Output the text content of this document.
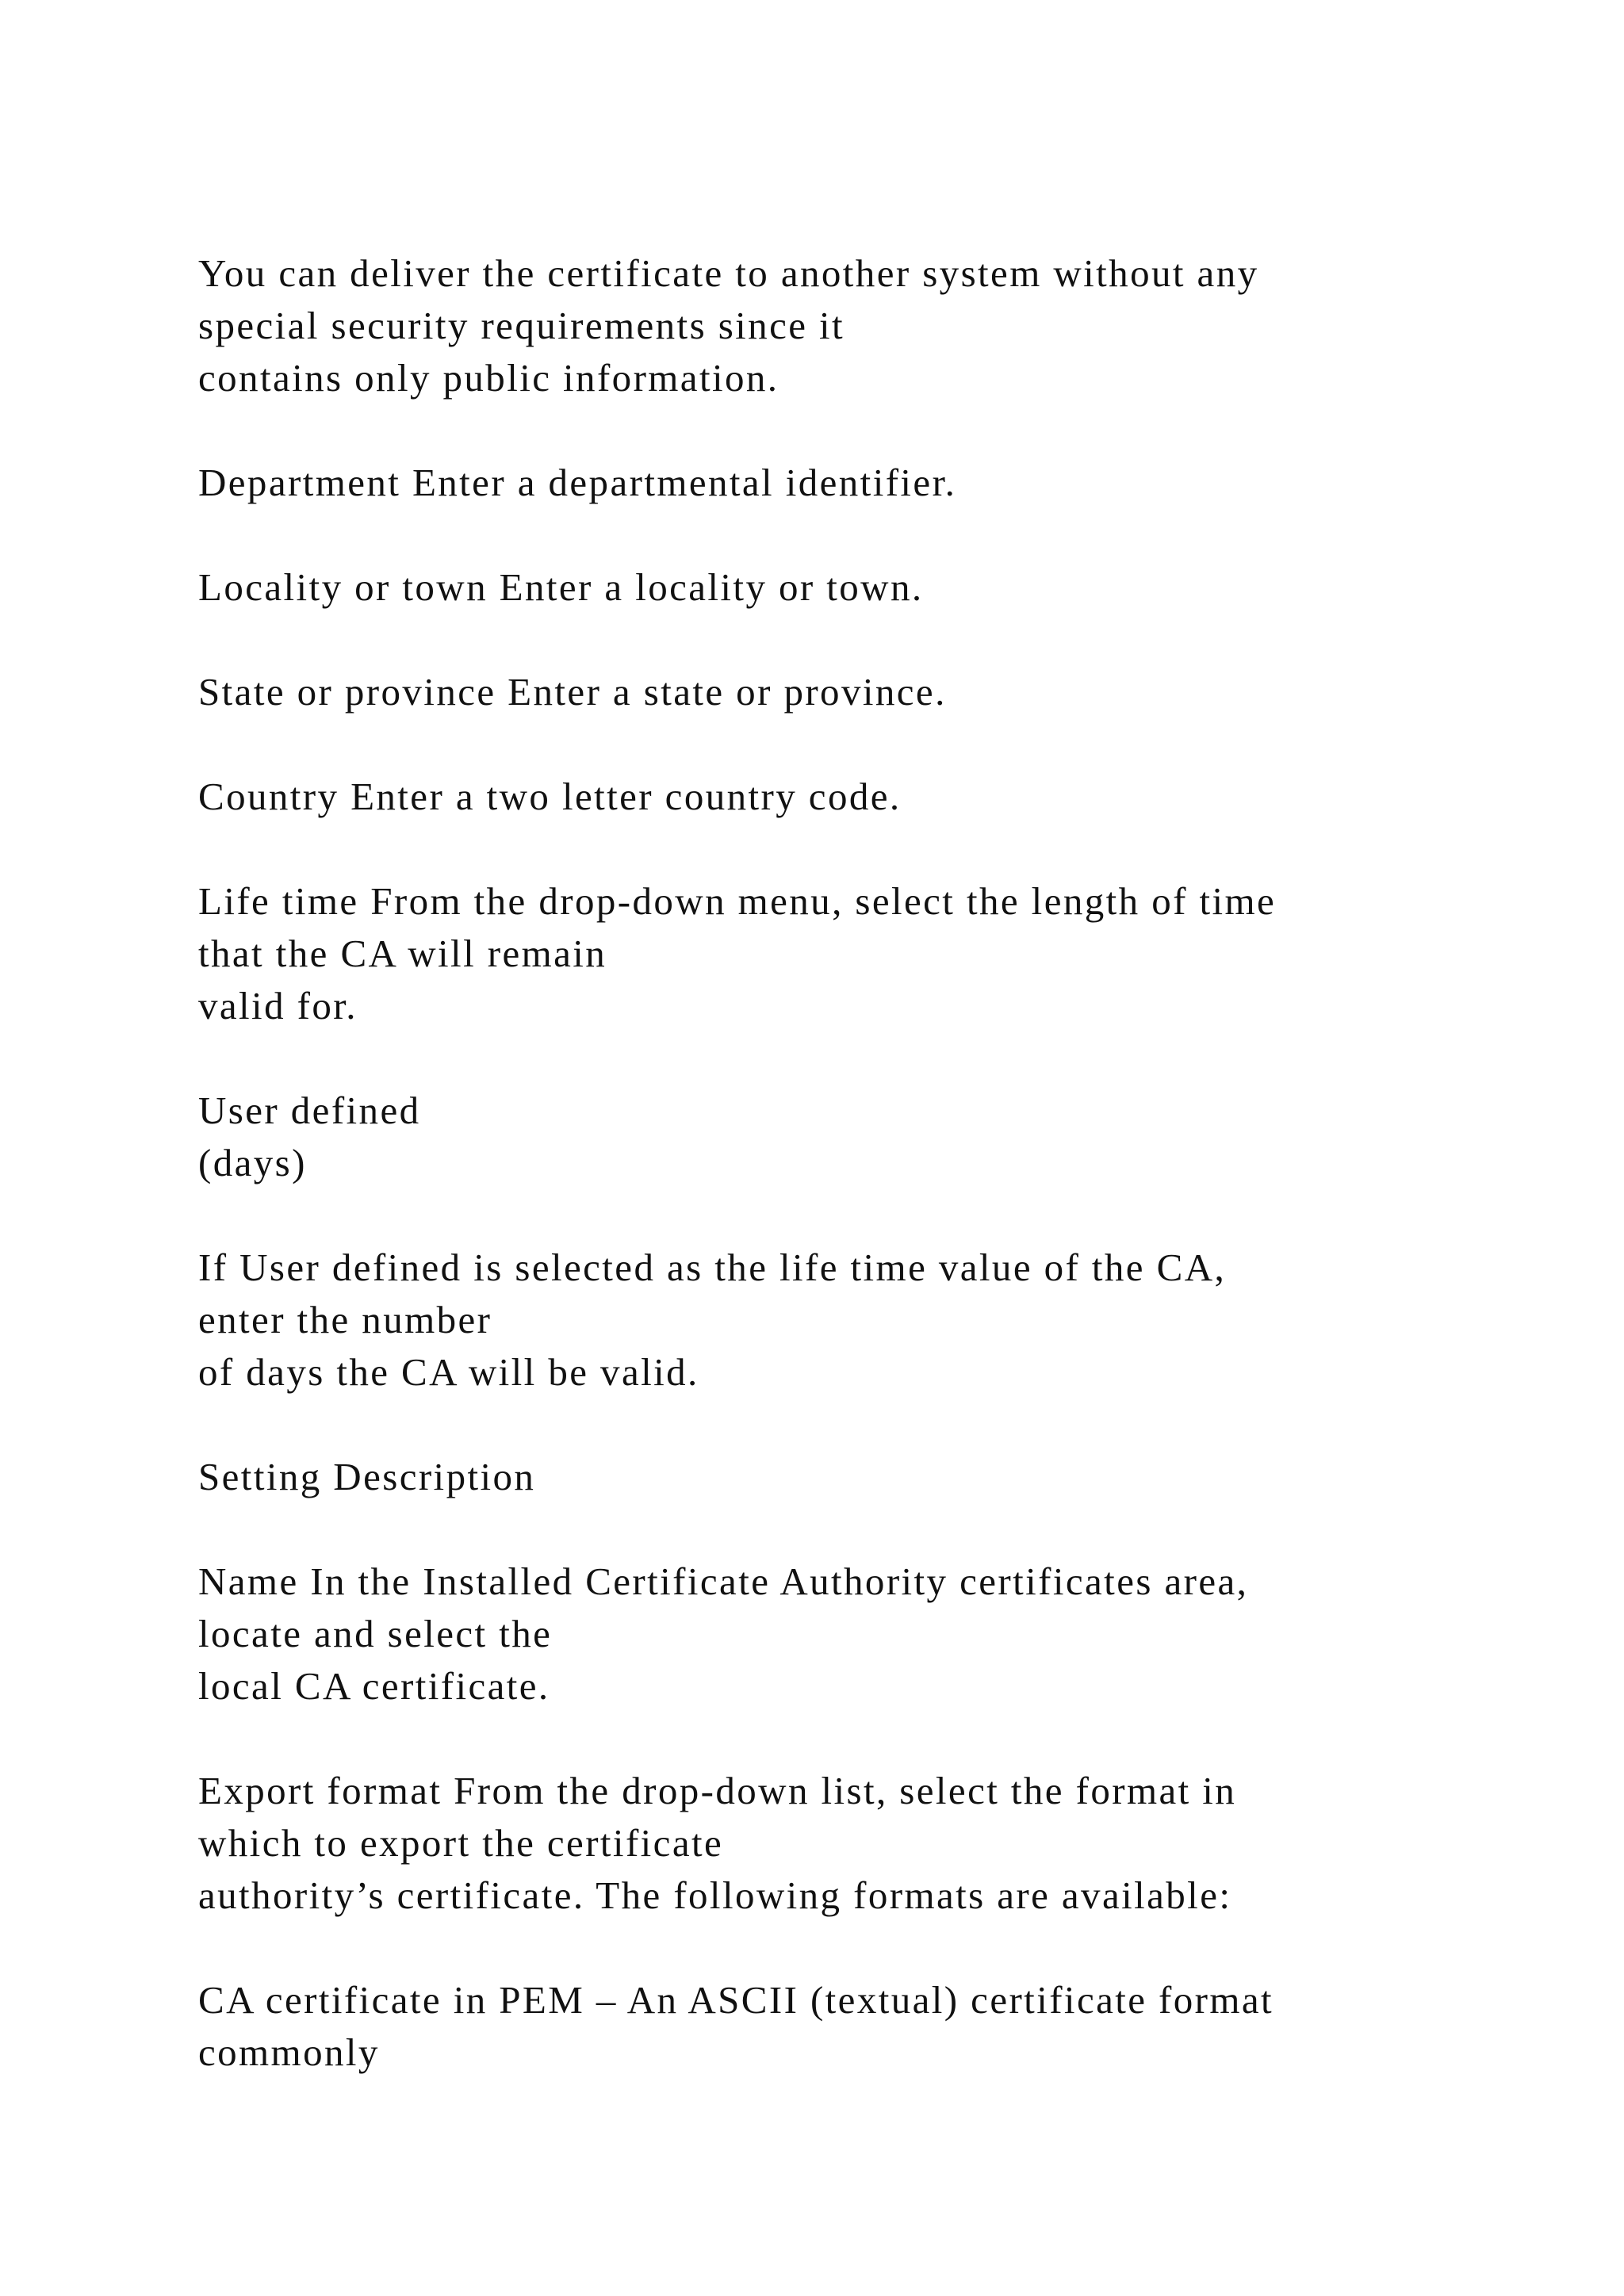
You can deliver the certificate to another system without any
special security requirements since it
contains only public information.

Department Enter a departmental identifier.

Locality or town Enter a locality or town.

State or province Enter a state or province.

Country Enter a two letter country code.

Life time From the drop-down menu, select the length of time
that the CA will remain
valid for.

User defined
(days)

If User defined is selected as the life time value of the CA,
enter the number
of days the CA will be valid.

Setting Description

Name In the Installed Certificate Authority certificates area,
locate and select the
local CA certificate.

Export format From the drop-down list, select the format in
which to export the certificate
authority’s certificate. The following formats are available:

CA certificate in PEM – An ASCII (textual) certificate format
commonly
